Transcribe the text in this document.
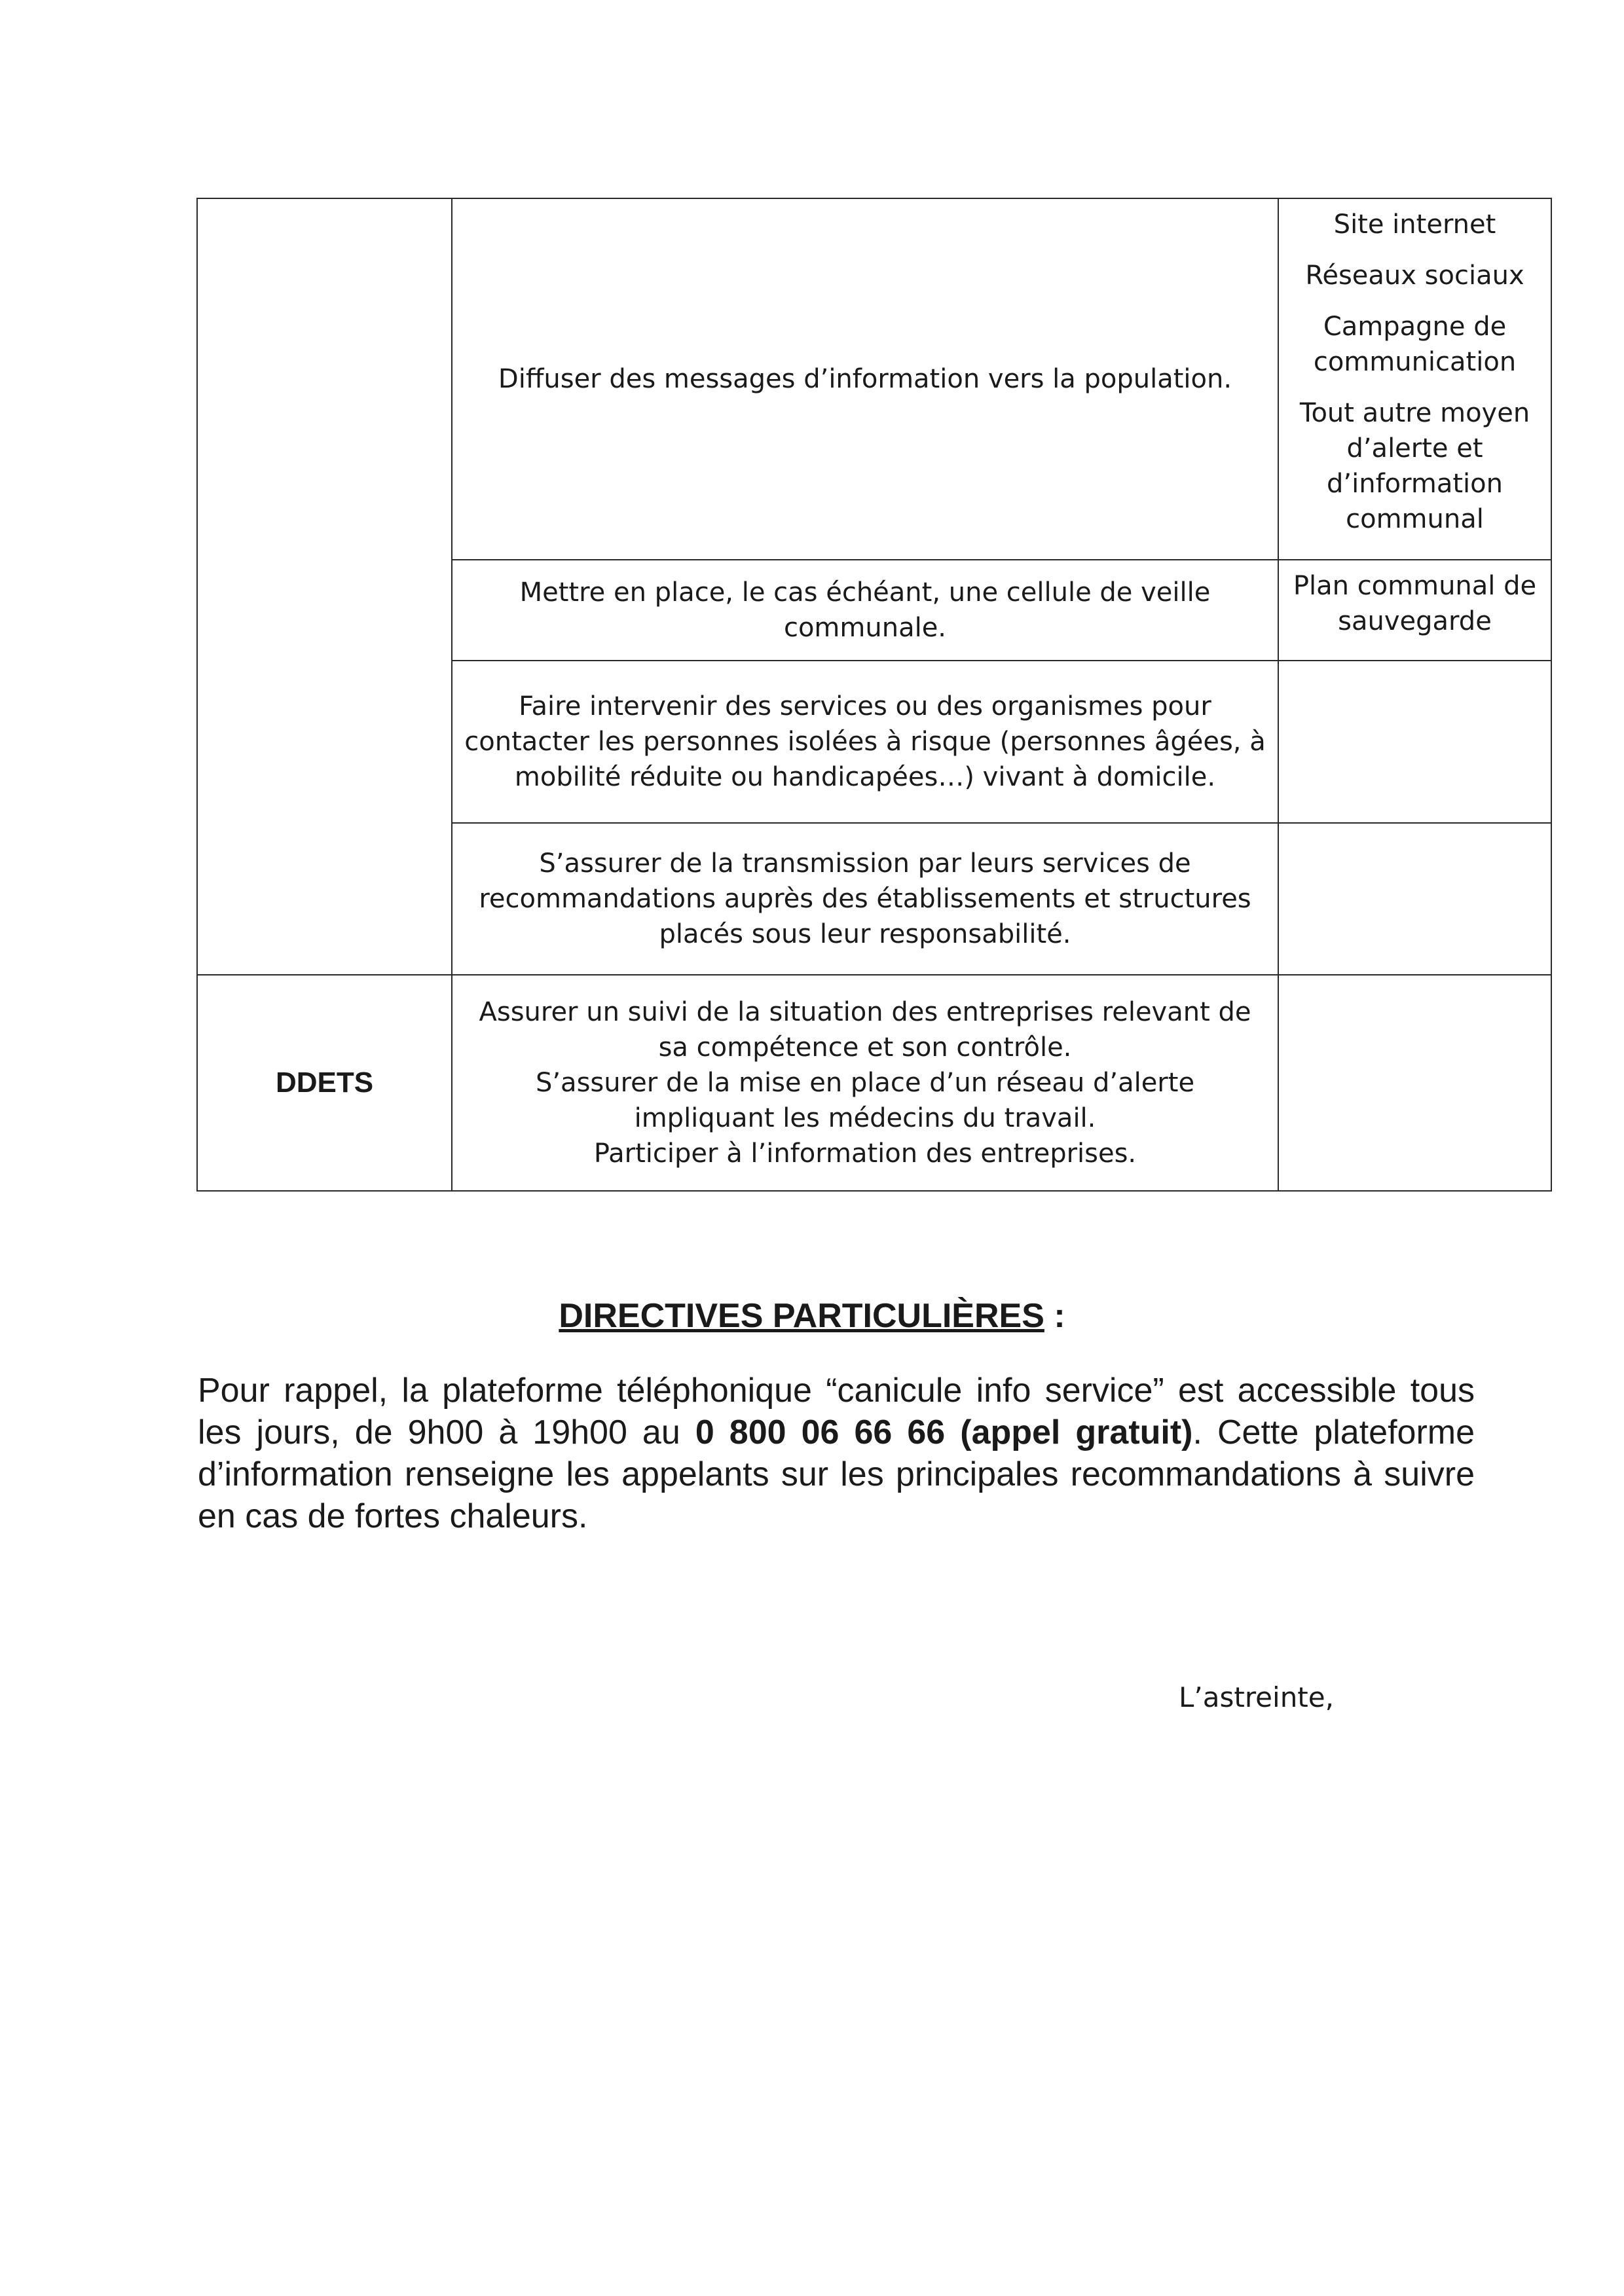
	Diffuser des messages d’information vers la population.	Site internet
Réseaux sociaux
Campagne de communication
Tout autre moyen d’alerte et d’information communal

	Mettre en place, le cas échéant, une cellule de veille communale.	Plan communal de sauvegarde

	Faire intervenir des services ou des organismes pour contacter les personnes isolées à risque (personnes âgées, à mobilité réduite ou handicapées…) vivant à domicile.	

	S’assurer de la transmission par leurs services de recommandations auprès des établissements et structures placés sous leur responsabilité.	

DDETS	Assurer un suivi de la situation des entreprises relevant de sa compétence et son contrôle.
S’assurer de la mise en place d’un réseau d’alerte impliquant les médecins du travail.
Participer à l’information des entreprises.	

DIRECTIVES PARTICULIÈRES :
Pour rappel, la plateforme téléphonique “canicule info service” est accessible tous les jours, de 9h00 à 19h00 au 0 800 06 66 66 (appel gratuit). Cette plateforme d’information renseigne les appelants sur les principales recommandations à suivre en cas de fortes chaleurs.
L’astreinte,
